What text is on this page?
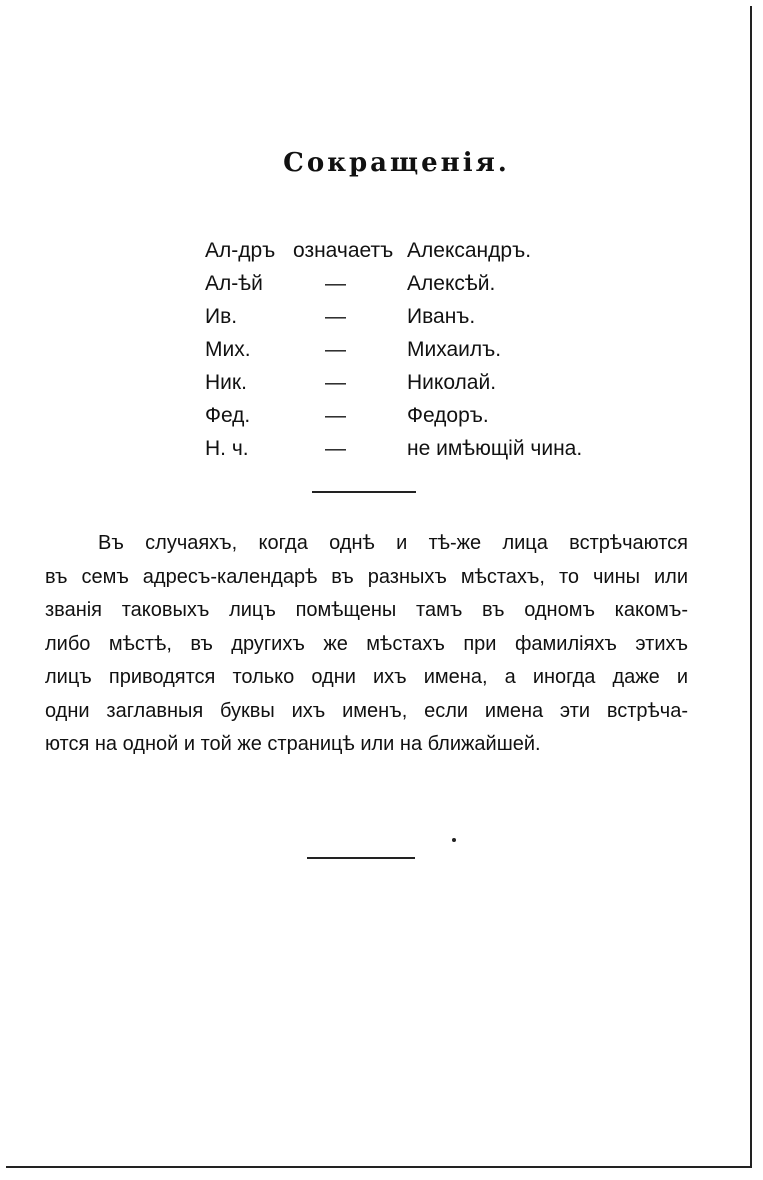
Сокращенія.
Ал-дръ означаетъ Александръ.
Ал-ѣй	—	Алексѣй.
Ив.	—	Иванъ.
Мих.	—	Михаилъ.
Ник.	—	Николай.
Фед.	—	Федоръ.
Н. ч.	—	не имѣющій чина.
Въ случаяхъ, когда однѣ и тѣ-же лица встрѣчаются
въ семъ адресъ-календарѣ въ разныхъ мѣстахъ, то чины или
званія таковыхъ лицъ помѣщены тамъ въ одномъ какомъ-
либо мѣстѣ, въ другихъ же мѣстахъ при фамиліяхъ этихъ
лицъ приводятся только одни ихъ имена, а иногда даже и
одни заглавныя буквы ихъ именъ, если имена эти встрѣча-
ются на одной и той же страницѣ или на ближайшей.
